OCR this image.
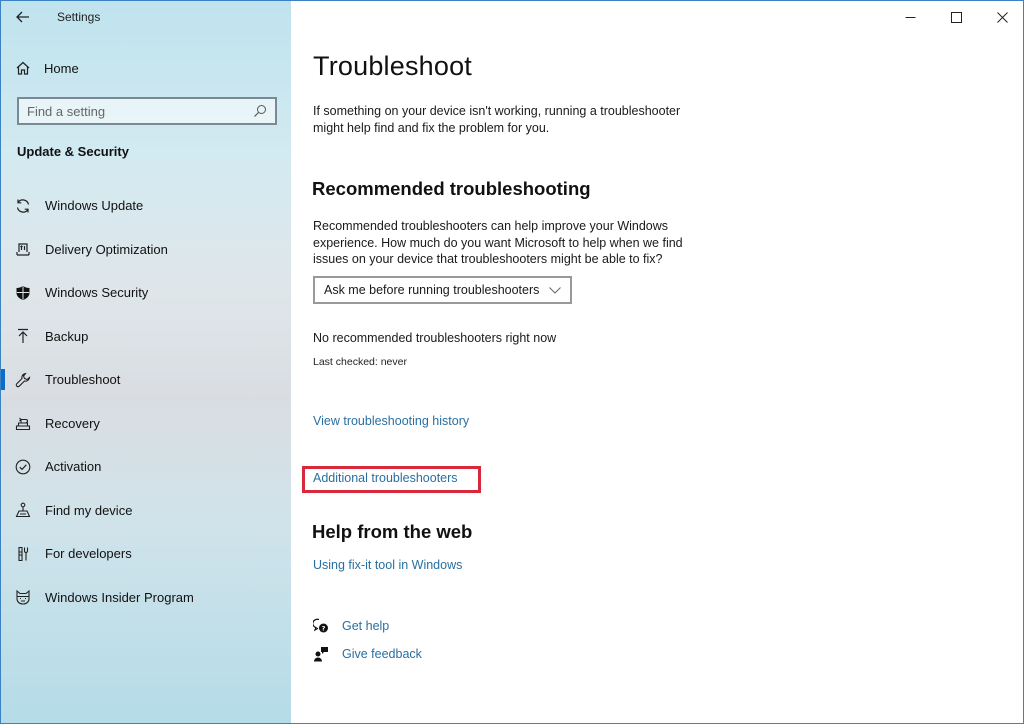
Settings
Home
Find a setting
Update & Security
Windows Update
Delivery Optimization
Windows Security
Backup
Troubleshoot
Recovery
Activation
Find my device
For developers
Windows Insider Program
Troubleshoot

If something on your device isn't working, running a troubleshooter might help find and fix the problem for you.

Recommended troubleshooting

Recommended troubleshooters can help improve your Windows experience. How much do you want Microsoft to help when we find issues on your device that troubleshooters might be able to fix?

Ask me before running troubleshooters

No recommended troubleshooters right now

Last checked: never

View troubleshooting history
Additional troubleshooters
Help from the web
Using fix-it tool in Windows
? Get help
Give feedback
